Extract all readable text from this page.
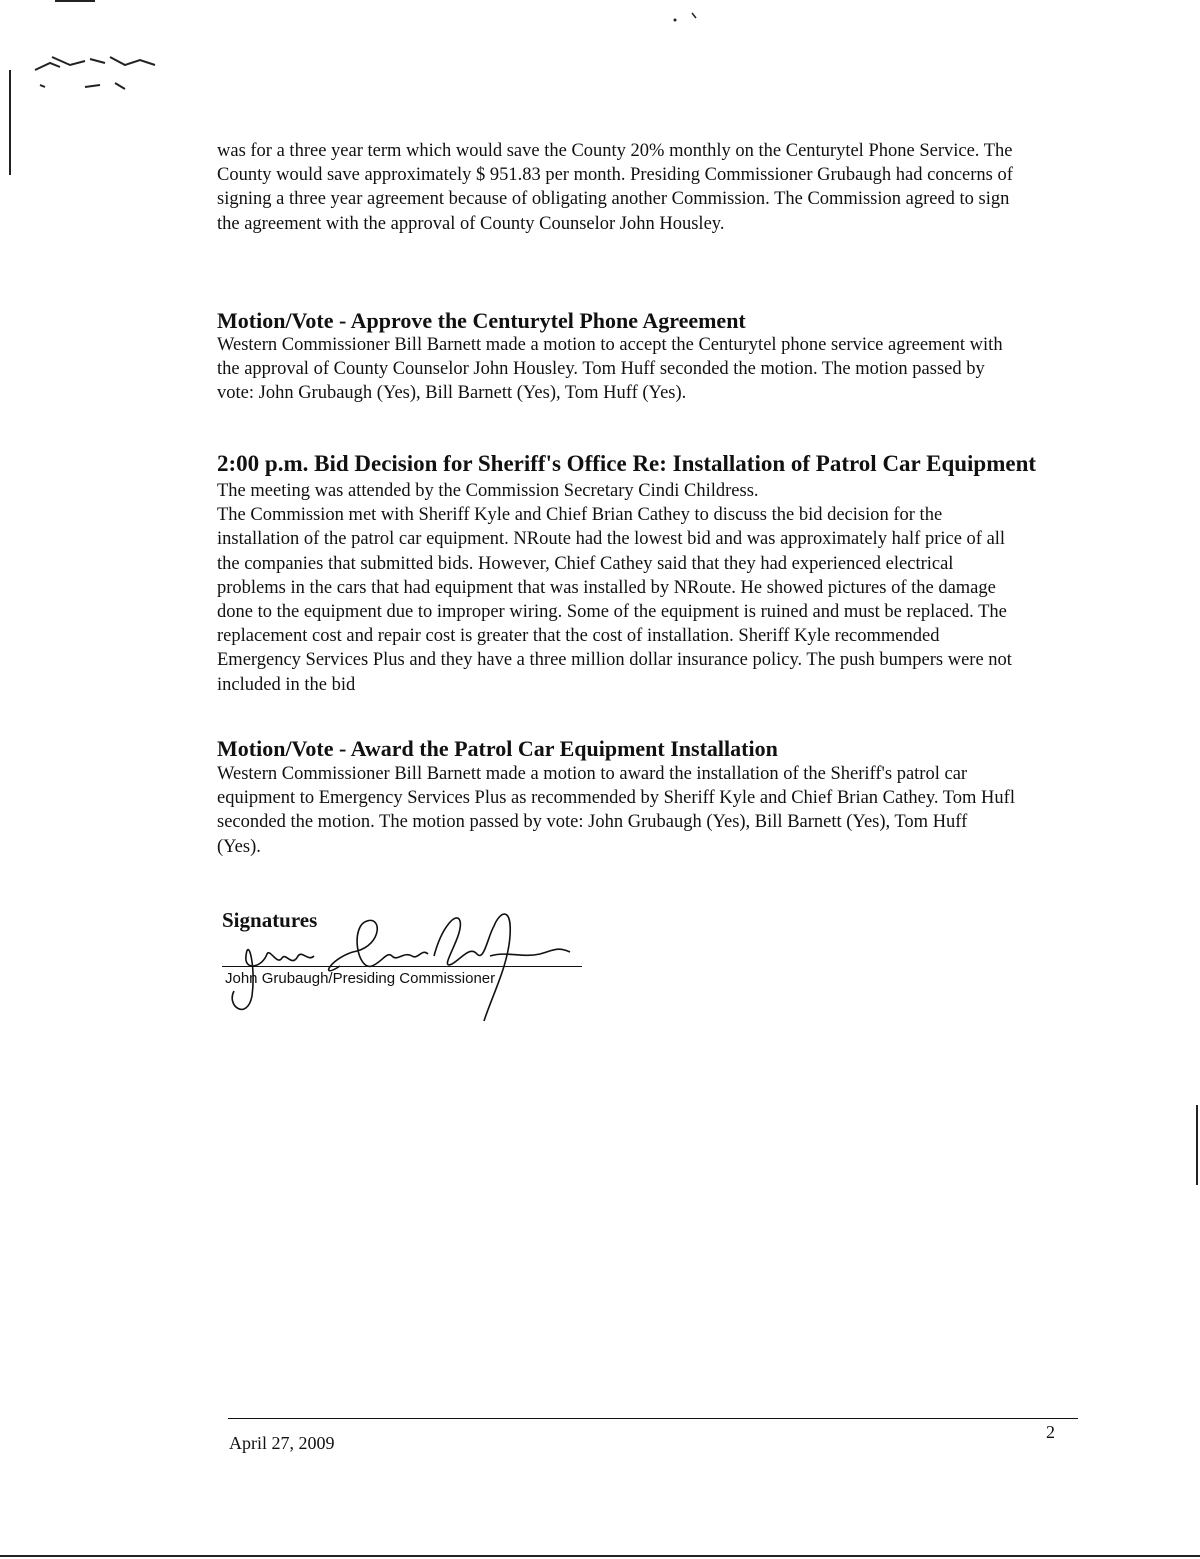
was for a three year term which would save the County 20% monthly on the Centurytel Phone Service. The
County would save approximately $ 951.83 per month. Presiding Commissioner Grubaugh had concerns of
signing a three year agreement because of obligating another Commission. The Commission agreed to sign
the agreement with the approval of County Counselor John Housley.

Motion/Vote - Approve the Centurytel Phone Agreement

Western Commissioner Bill Barnett made a motion to accept the Centurytel phone service agreement with
the approval of County Counselor John Housley. Tom Huff seconded the motion. The motion passed by
vote: John Grubaugh (Yes), Bill Barnett (Yes), Tom Huff (Yes).

2:00 p.m. Bid Decision for Sheriff's Office Re: Installation of Patrol Car Equipment

The meeting was attended by the Commission Secretary Cindi Childress.
The Commission met with Sheriff Kyle and Chief Brian Cathey to discuss the bid decision for the
installation of the patrol car equipment. NRoute had the lowest bid and was approximately half price of all
the companies that submitted bids. However, Chief Cathey said that they had experienced electrical
problems in the cars that had equipment that was installed by NRoute. He showed pictures of the damage
done to the equipment due to improper wiring. Some of the equipment is ruined and must be replaced. The
replacement cost and repair cost is greater that the cost of installation. Sheriff Kyle recommended
Emergency Services Plus and they have a three million dollar insurance policy. The push bumpers were not
included in the bid

Motion/Vote - Award the Patrol Car Equipment Installation

Western Commissioner Bill Barnett made a motion to award the installation of the Sheriff's patrol car
equipment to Emergency Services Plus as recommended by Sheriff Kyle and Chief Brian Cathey. Tom Hufl
seconded the motion. The motion passed by vote: John Grubaugh (Yes), Bill Barnett (Yes), Tom Huff
(Yes).

Signatures
John Grubaugh/Presiding Commissioner
April 27, 2009
2
